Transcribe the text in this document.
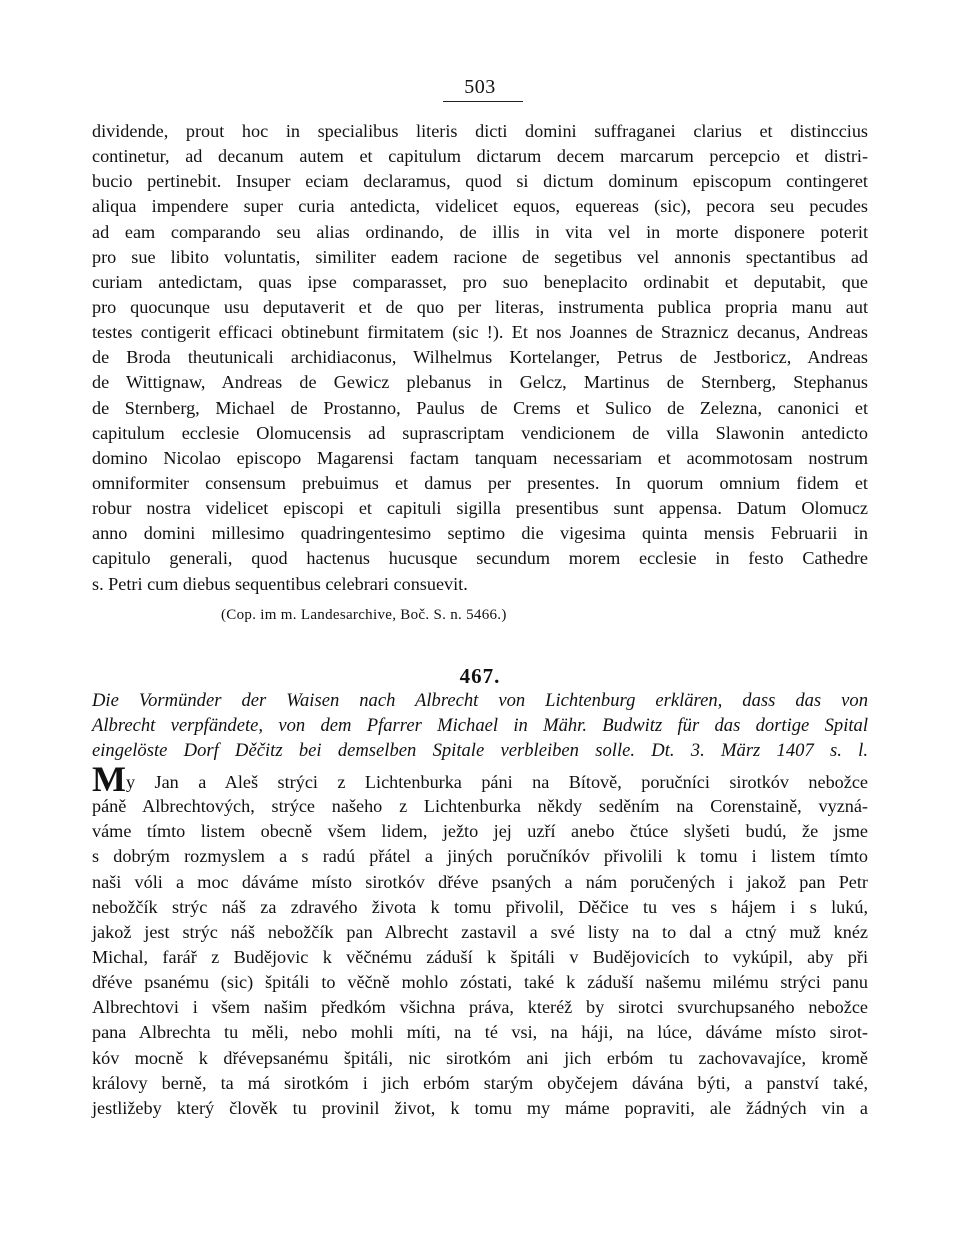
503
dividende, prout hoc in specialibus literis dicti domini suffraganei clarius et distinccius
continetur, ad decanum autem et capitulum dictarum decem marcarum percepcio et distri-
bucio pertinebit. Insuper eciam declaramus, quod si dictum dominum episcopum contingeret
aliqua impendere super curia antedicta, videlicet equos, equereas (sic), pecora seu pecudes
ad eam comparando seu alias ordinando, de illis in vita vel in morte disponere poterit
pro sue libito voluntatis, similiter eadem racione de segetibus vel annonis spectantibus ad
curiam antedictam, quas ipse comparasset, pro suo beneplacito ordinabit et deputabit, que
pro quocunque usu deputaverit et de quo per literas, instrumenta publica propria manu aut
testes contigerit efficaci obtinebunt firmitatem (sic !). Et nos Joannes de Straznicz decanus, Andreas
de Broda theutunicali archidiaconus, Wilhelmus Kortelanger, Petrus de Jestboricz, Andreas
de Wittignaw, Andreas de Gewicz plebanus in Gelcz, Martinus de Sternberg, Stephanus
de Sternberg, Michael de Prostanno, Paulus de Crems et Sulico de Zelezna, canonici et
capitulum ecclesie Olomucensis ad suprascriptam vendicionem de villa Slawonin antedicto
domino Nicolao episcopo Magarensi factam tanquam necessariam et acommotosam nostrum
omniformiter consensum prebuimus et damus per presentes. In quorum omnium fidem et
robur nostra videlicet episcopi et capituli sigilla presentibus sunt appensa. Datum Olomucz
anno domini millesimo quadringentesimo septimo die vigesima quinta mensis Februarii in
capitulo generali, quod hactenus hucusque secundum morem ecclesie in festo Cathedre
s. Petri cum diebus sequentibus celebrari consuevit.
(Cop. im m. Landesarchive, Boč. S. n. 5466.)
467.
Die Vormünder der Waisen nach Albrecht von Lichtenburg erklären, dass das von
Albrecht verpfändete, von dem Pfarrer Michael in Mähr. Budwitz für das dortige Spital
eingelöste Dorf Děčitz bei demselben Spitale verbleiben solle. Dt. 3. März 1407 s. l.
My Jan a Aleš strýci z Lichtenburka páni na Bítově, poručníci sirotkóv nebožce
páně Albrechtových, strýce našeho z Lichtenburka někdy seděním na Corenstaině, vyzná-
váme tímto listem obecně všem lidem, ježto jej uzří anebo čtúce slyšeti budú, že jsme
s dobrým rozmyslem a s radú přátel a jiných poručníkóv přivolili k tomu i listem tímto
naši vóli a moc dáváme místo sirotkóv dřéve psaných a nám poručených i jakož pan Petr
nebožčík strýc náš za zdravého života k tomu přivolil, Děčice tu ves s hájem i s lukú,
jakož jest strýc náš nebožčík pan Albrecht zastavil a své listy na to dal a ctný muž knéz
Michal, farář z Budějovic k věčnému záduší k špitáli v Budějovicích to vykúpil, aby při
dřéve psanému (sic) špitáli to věčně mohlo zóstati, také k záduší našemu milému strýci panu
Albrechtovi i všem našim předkóm všichna práva, kteréž by sirotci svurchupsaného nebožce
pana Albrechta tu měli, nebo mohli míti, na té vsi, na háji, na lúce, dáváme místo sirot-
kóv mocně k dřévepsanému špitáli, nic sirotkóm ani jich erbóm tu zachovavajíce, kromě
královy berně, ta má sirotkóm i jich erbóm starým obyčejem dávána býti, a panství také,
jestližeby který člověk tu provinil život, k tomu my máme popraviti, ale žádných vin a
